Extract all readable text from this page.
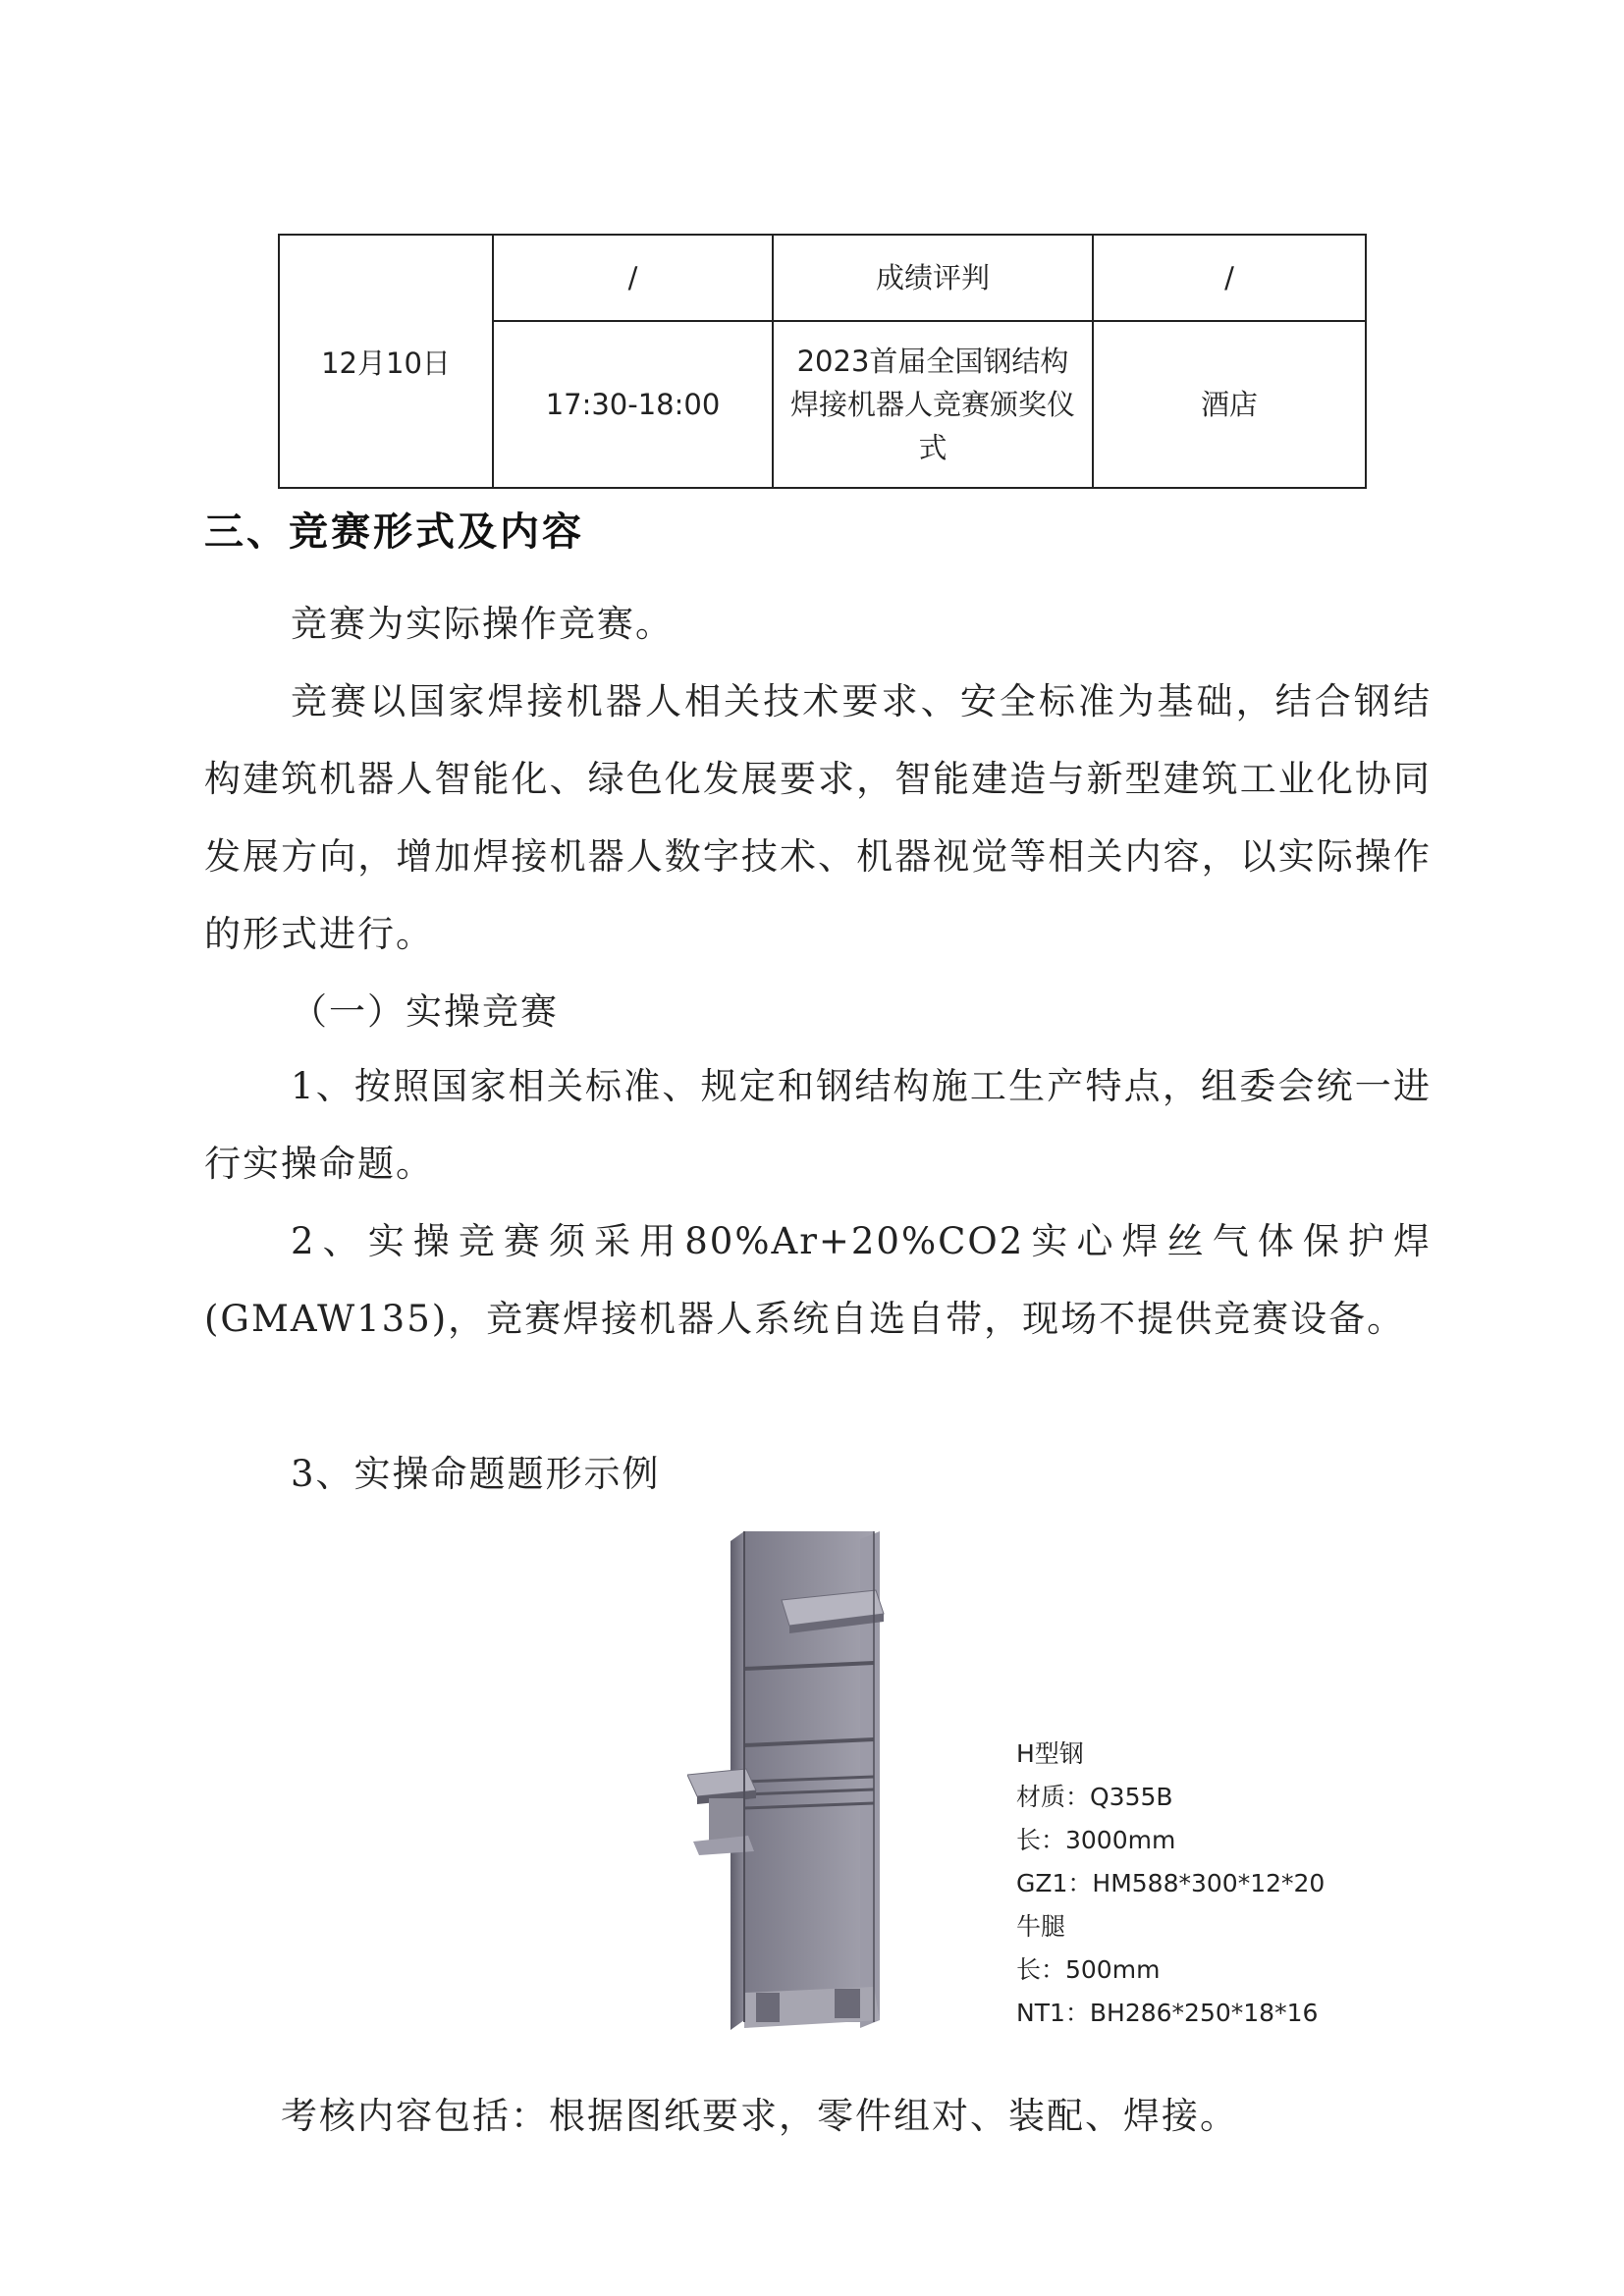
12月10日	/	成绩评判	/
	17:30-18:00	2023首届全国钢结构焊接机器人竞赛颁奖仪式	酒店
三、竞赛形式及内容

竞赛为实际操作竞赛。

竞赛以国家焊接机器人相关技术要求、安全标准为基础，结合钢结构建筑机器人智能化、绿色化发展要求，智能建造与新型建筑工业化协同发展方向，增加焊接机器人数字技术、机器视觉等相关内容，以实际操作的形式进行。

（一）实操竞赛

1、按照国家相关标准、规定和钢结构施工生产特点，组委会统一进行实操命题。

2、实操竞赛须采用80%Ar+20%CO2实心焊丝气体保护焊(GMAW135)，竞赛焊接机器人系统自选自带，现场不提供竞赛设备。

3、实操命题题形示例

H型钢
材质：Q355B
长：3000mm
GZ1：HM588*300*12*20
牛腿
长：500mm
NT1：BH286*250*18*16
考核内容包括：根据图纸要求，零件组对、装配、焊接。
